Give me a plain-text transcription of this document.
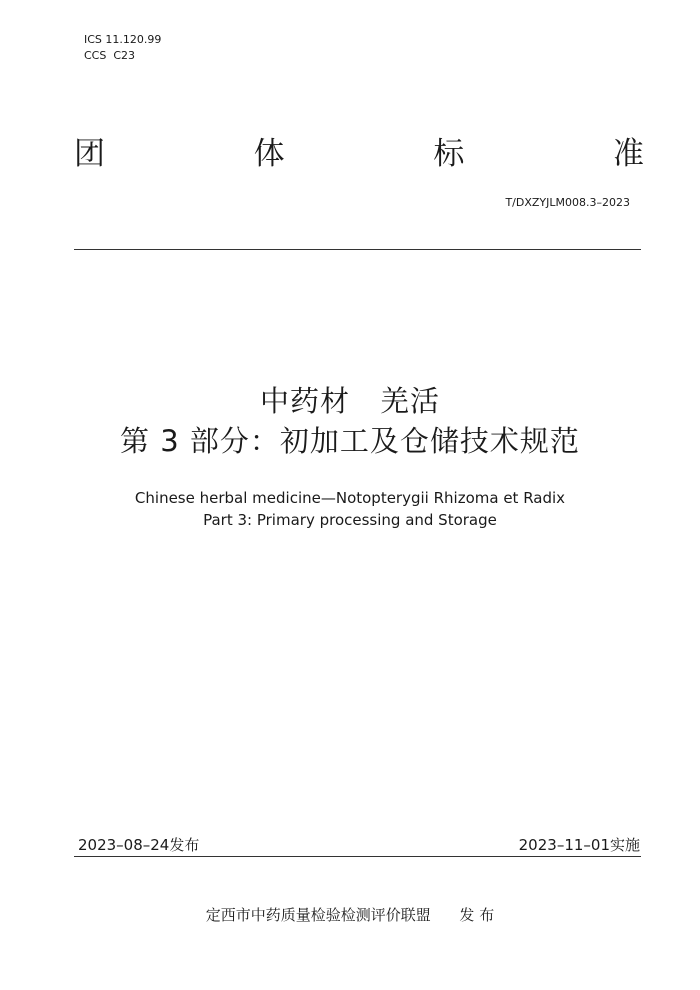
ICS 11.120.99
CCS  C23
团	体	标	准
T/DXZYJLM008.3–2023
中药材　羌活
第 3 部分：初加工及仓储技术规范
Chinese herbal medicine—Notopterygii Rhizoma et Radix
Part 3: Primary processing and Storage
2023–08–24发布	2023–11–01实施
定西市中药质量检验检测评价联盟 发 布
